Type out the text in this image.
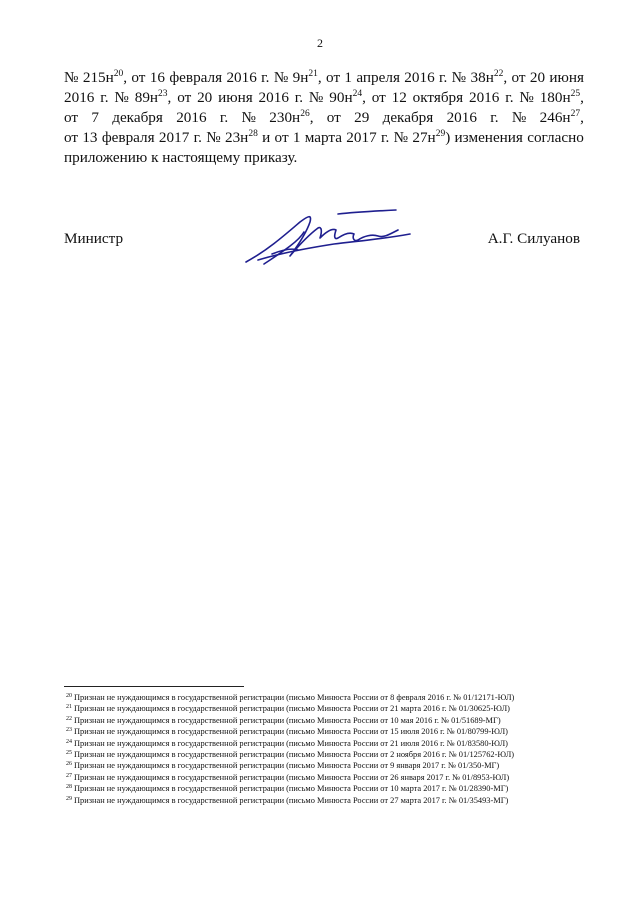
2
№ $215н^{20}$, от 16 февраля 2016 г. № $9н^{21}$, от 1 апреля 2016 г. № $38н^{22}$, от 20 июня
2016 г. № $89н^{23}$, от 20 июня 2016 г. № $90н^{24}$, от 12 октября 2016 г. № $180н^{25}$,
от 7 декабря 2016 г. № $230н^{26}$, от 29 декабря 2016 г. № $246н^{27}$,
от 13 февраля 2017 г. № $23н^{28}$ и от 1 марта 2017 г. № $27н^{29}$) изменения согласно
приложению к настоящему приказу.
Министр	А.Г. Силуанов
$^{20}$ Признан не нуждающимся в государственной регистрации (письмо Минюста России от 8 февраля 2016 г. № 01/12171-ЮЛ)
$^{21}$ Признан не нуждающимся в государственной регистрации (письмо Минюста России от 21 марта 2016 г. № 01/30625-ЮЛ)
$^{22}$ Признан не нуждающимся в государственной регистрации (письмо Минюста России от 10 мая 2016 г. № 01/51689-МГ)
$^{23}$ Признан не нуждающимся в государственной регистрации (письмо Минюста России от 15 июля 2016 г. № 01/80799-ЮЛ)
$^{24}$ Признан не нуждающимся в государственной регистрации (письмо Минюста России от 21 июля 2016 г. № 01/83580-ЮЛ)
$^{25}$ Признан не нуждающимся в государственной регистрации (письмо Минюста России от 2 ноября 2016 г. № 01/125762-ЮЛ)
$^{26}$ Признан не нуждающимся в государственной регистрации (письмо Минюста России от 9 января 2017 г. № 01/350-МГ)
$^{27}$ Признан не нуждающимся в государственной регистрации (письмо Минюста России от 26 января 2017 г. № 01/8953-ЮЛ)
$^{28}$ Признан не нуждающимся в государственной регистрации (письмо Минюста России от 10 марта 2017 г. № 01/28390-МГ)
$^{29}$ Признан не нуждающимся в государственной регистрации (письмо Минюста России от 27 марта 2017 г. № 01/35493-МГ)
